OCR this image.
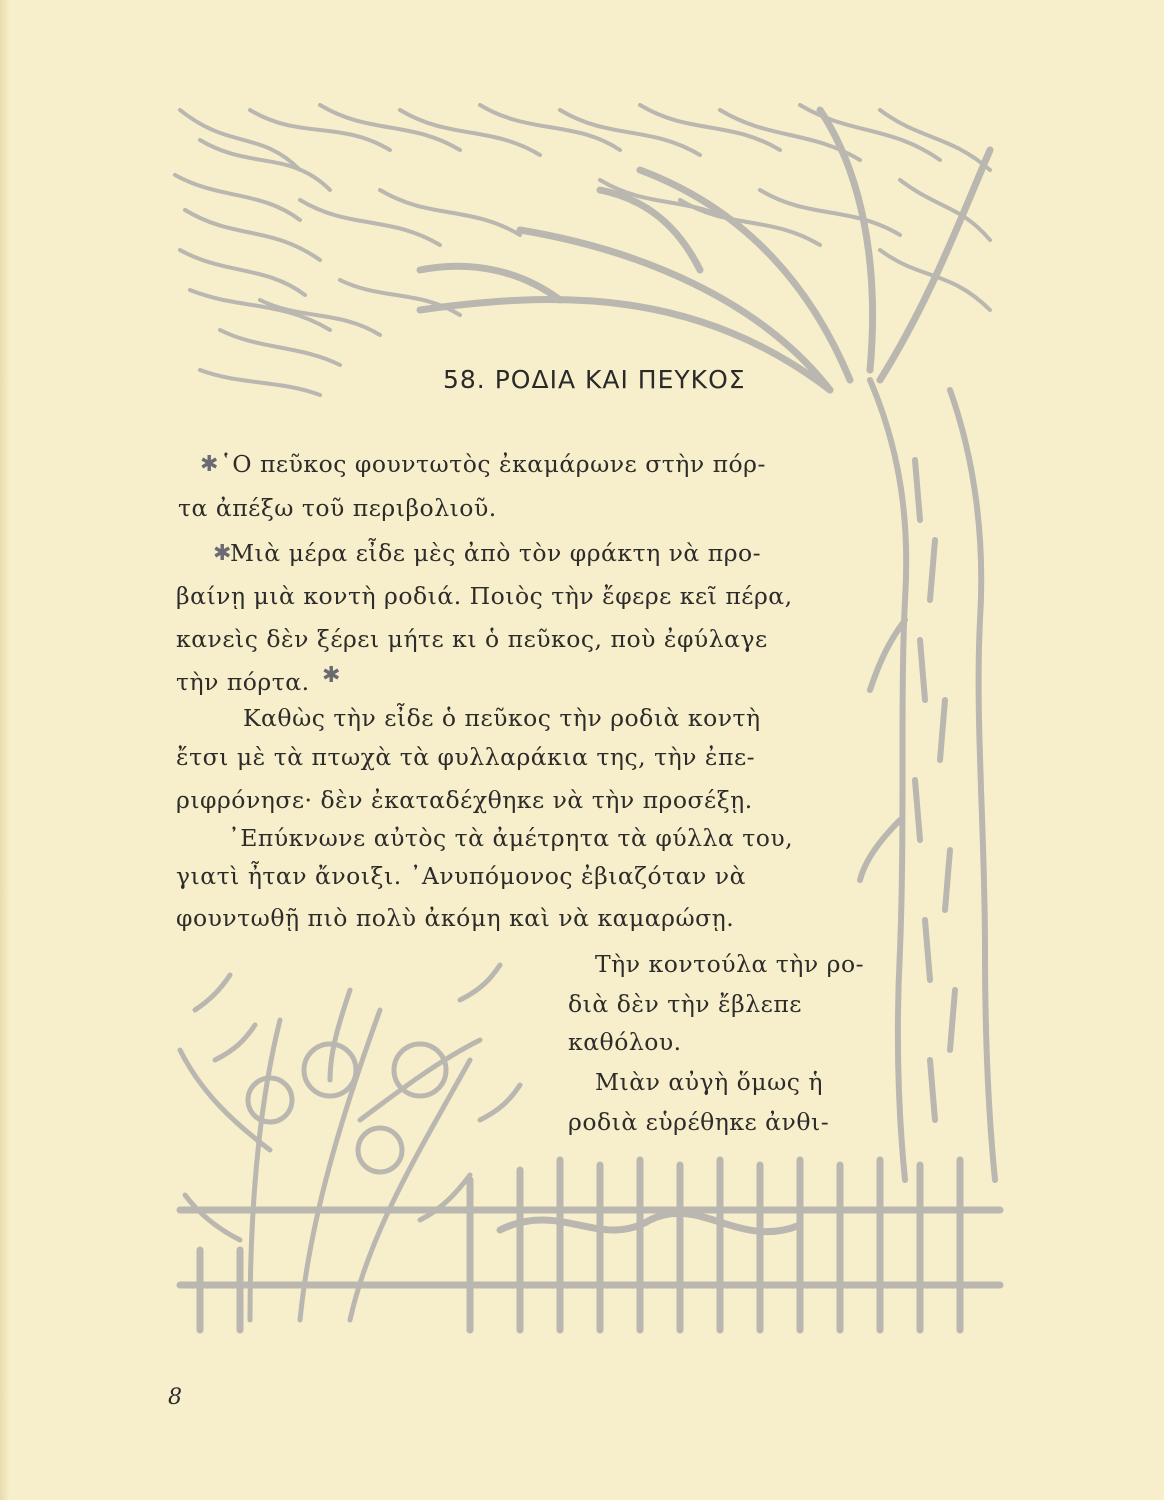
58. ΡΟΔΙΑ ΚΑΙ ΠΕΥΚΟΣ
✱
✱
✱
῾Ο πεῦκος φουντωτὸς ἐκαμάρωνε στὴν πόρ-
τα ἀπέξω τοῦ περιβολιοῦ.
Μιὰ μέρα εἶδε μὲς ἀπὸ τὸν φράκτη νὰ προ-
βαίνῃ μιὰ κοντὴ ροδιά. Ποιὸς τὴν ἔφερε κεῖ πέρα,
κανεὶς δὲν ξέρει μήτε κι ὁ πεῦκος, ποὺ ἐφύλαγε
τὴν πόρτα.
Καθὼς τὴν εἶδε ὁ πεῦκος τὴν ροδιὰ κοντὴ
ἔτσι μὲ τὰ πτωχὰ τὰ φυλλαράκια της, τὴν ἐπε-
ριφρόνησε· δὲν ἐκαταδέχθηκε νὰ τὴν προσέξῃ.
᾿Επύκνωνε αὐτὸς τὰ ἀμέτρητα τὰ φύλλα του,
γιατὶ ἦταν ἄνοιξι. ᾿Ανυπόμονος ἐβιαζόταν νὰ
φουντωθῇ πιὸ πολὺ ἀκόμη καὶ νὰ καμαρώσῃ.
Τὴν κοντούλα τὴν ρο-
διὰ δὲν τὴν ἔβλεπε
καθόλου.
Μιὰν αὐγὴ ὅμως ἡ
ροδιὰ εὑρέθηκε ἀνθι-
8
